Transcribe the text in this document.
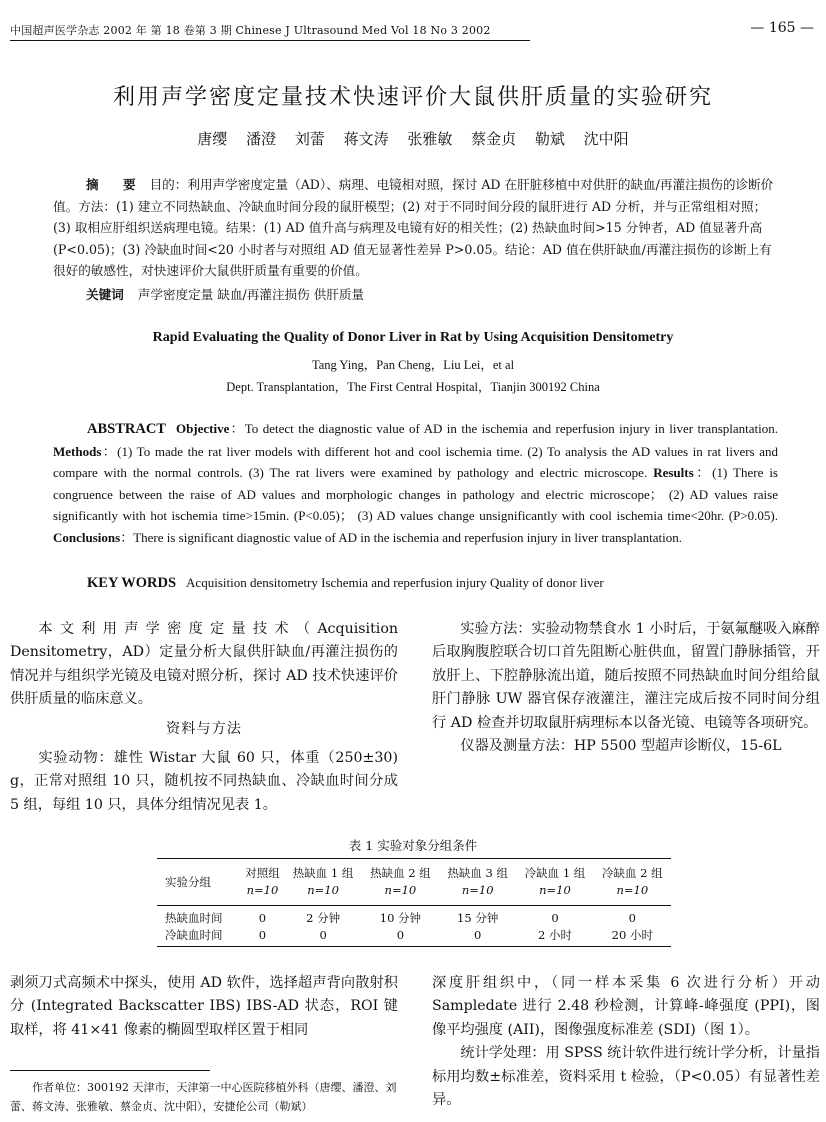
中国超声医学杂志 2002 年 第 18 卷第 3 期 Chinese J Ultrasound Med Vol 18 No 3 2002	— 165 —
利用声学密度定量技术快速评价大鼠供肝质量的实验研究
唐缨 潘澄 刘蕾 蒋文涛 张雅敏 蔡金贞 勒斌 沈中阳
摘 要 目的：利用声学密度定量（AD）、病理、电镜相对照，探讨 AD 在肝脏移植中对供肝的缺血/再灌注损伤的诊断价值。方法：(1) 建立不同热缺血、冷缺血时间分段的鼠肝模型；(2) 对于不同时间分段的鼠肝进行 AD 分析，并与正常组相对照；(3) 取相应肝组织送病理电镜。结果：(1) AD 值升高与病理及电镜有好的相关性；(2) 热缺血时间>15 分钟者，AD 值显著升高 (P<0.05)；(3) 冷缺血时间<20 小时者与对照组 AD 值无显著性差异 P>0.05。结论：AD 值在供肝缺血/再灌注损伤的诊断上有很好的敏感性，对快速评价大鼠供肝质量有重要的价值。
关键词 声学密度定量 缺血/再灌注损伤 供肝质量
Rapid Evaluating the Quality of Donor Liver in Rat by Using Acquisition Densitometry
Tang Ying，Pan Cheng，Liu Lei，et al
Dept. Transplantation，The First Central Hospital，Tianjin 300192 China
ABSTRACT Objective：To detect the diagnostic value of AD in the ischemia and reperfusion injury in liver transplantation. Methods：(1) To made the rat liver models with different hot and cool ischemia time. (2) To analysis the AD values in rat livers and compare with the normal controls. (3) The rat livers were examined by pathology and electric microscope. Results：(1) There is congruence between the raise of AD values and morphologic changes in pathology and electric microscope； (2) AD values raise significantly with hot ischemia time>15min. (P<0.05)； (3) AD values change unsignificantly with cool ischemia time<20hr. (P>0.05). Conclusions：There is significant diagnostic value of AD in the ischemia and reperfusion injury in liver transplantation.
KEY WORDS Acquisition densitometry Ischemia and reperfusion injury Quality of donor liver

本文利用声学密度定量技术（Acquisition Densitometry，AD）定量分析大鼠供肝缺血/再灌注损伤的情况并与组织学光镜及电镜对照分析，探讨 AD 技术快速评价供肝质量的临床意义。

资料与方法

实验动物：雄性 Wistar 大鼠 60 只，体重（250±30) g，正常对照组 10 只，随机按不同热缺血、冷缺血时间分成 5 组，每组 10 只，具体分组情况见表 1。

实验方法：实验动物禁食水 1 小时后，于氨氟醚吸入麻醉后取胸腹腔联合切口首先阻断心脏供血，留置门静脉插管，开放肝上、下腔静脉流出道，随后按照不同热缺血时间分组给鼠肝门静脉 UW 器官保存液灌注，灌注完成后按不同时间分组行 AD 检查并切取鼠肝病理标本以备光镜、电镜等各项研究。

仪器及测量方法：HP 5500 型超声诊断仪，15-6L

表 1 实验对象分组条件
实验分组	对照组	热缺血 1 组	热缺血 2 组	热缺血 3 组	冷缺血 1 组	冷缺血 2 组
	n=10	n=10	n=10	n=10	n=10	n=10
热缺血时间	0	2 分钟	10 分钟	15 分钟	0	0
冷缺血时间	0	0	0	0	2 小时	20 小时

剥须刀式高频术中探头，使用 AD 软件，选择超声背向散射积分 (Integrated Backscatter IBS) IBS-AD 状态，ROI 键取样，将 41×41 像素的椭圆型取样区置于相同

深度肝组织中，（同一样本采集 6 次进行分析）开动 Sampledate 进行 2.48 秒检测，计算峰-峰强度 (PPI)，图像平均强度 (AII)，图像强度标准差 (SDI)（图 1）。

统计学处理：用 SPSS 统计软件进行统计学分析，计量指标用均数±标准差，资料采用 t 检验，（P<0.05）有显著性差异。

作者单位：300192 天津市，天津第一中心医院移植外科（唐缨、潘澄、刘蕾、蒋文涛、张雅敏、蔡金贞、沈中阳），安捷伦公司（勒斌）
